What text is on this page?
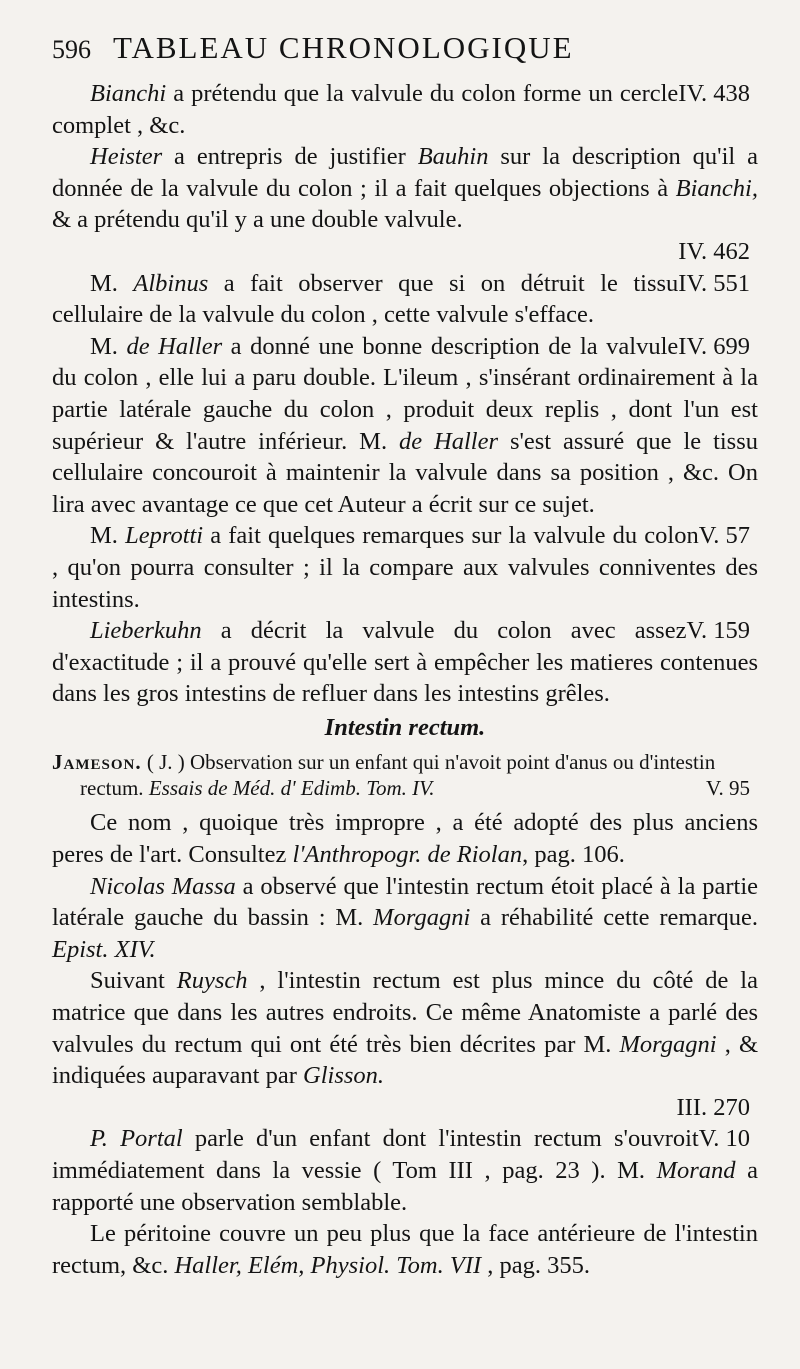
596 TABLEAU CHRONOLOGIQUE
IV. 438
Bianchi a prétendu que la valvule du colon forme un cercle complet , &c.
Heister a entrepris de justifier Bauhin sur la description qu'il a donnée de la valvule du colon ; il a fait quelques objections à Bianchi, & a prétendu qu'il y a une double valvule.
IV. 462
IV. 551
M. Albinus a fait observer que si on détruit le tissu cellulaire de la valvule du colon , cette valvule s'efface.
IV. 699
M. de Haller a donné une bonne description de la valvule du colon , elle lui a paru double. L'ileum , s'insérant ordinairement à la partie latérale gauche du colon , produit deux replis , dont l'un est supérieur & l'autre inférieur. M. de Haller s'est assuré que le tissu cellulaire concouroit à maintenir la valvule dans sa position , &c. On lira avec avantage ce que cet Auteur a écrit sur ce sujet.
V. 57
M. Leprotti a fait quelques remarques sur la valvule du colon , qu'on pourra consulter ; il la compare aux valvules conniventes des intestins.
V. 159
Lieberkuhn a décrit la valvule du colon avec assez d'exactitude ; il a prouvé qu'elle sert à empêcher les matieres contenues dans les gros intestins de refluer dans les intestins grêles.
Intestin rectum.
Jameson. ( J. ) Observation sur un enfant qui n'avoit point d'anus ou d'intestin rectum. Essais de Méd. d' Edimb. Tom. IV.	V. 95
Ce nom , quoique très impropre , a été adopté des plus anciens peres de l'art. Consultez l'Anthropogr. de Riolan, pag. 106.
Nicolas Massa a observé que l'intestin rectum étoit placé à la partie latérale gauche du bassin : M. Morgagni a réhabilité cette remarque. Epist. XIV.
Suivant Ruysch , l'intestin rectum est plus mince du côté de la matrice que dans les autres endroits. Ce même Anatomiste a parlé des valvules du rectum qui ont été très bien décrites par M. Morgagni , & indiquées auparavant par Glisson.
III. 270
V. 10
P. Portal parle d'un enfant dont l'intestin rectum s'ouvroit immédiatement dans la vessie ( Tom III , pag. 23 ). M. Morand a rapporté une observation semblable.
Le péritoine couvre un peu plus que la face antérieure de l'intestin rectum, &c. Haller, Elém, Physiol. Tom. VII , pag. 355.
